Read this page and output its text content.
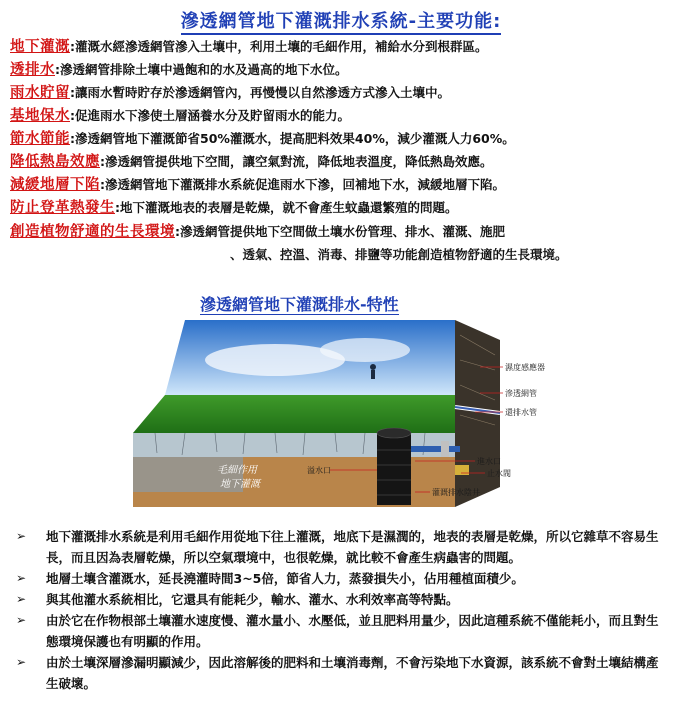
滲透網管地下灌溉排水系統-主要功能:
地下灌溉:灌溉水經滲透網管滲入土壤中，利用土壤的毛細作用，補給水分到根群區。
透排水:滲透網管排除土壤中過飽和的水及過高的地下水位。
雨水貯留:讓雨水暫時貯存於滲透網管內，再慢慢以自然滲透方式滲入土壤中。
基地保水:促進雨水下滲使土層涵養水分及貯留雨水的能力。
節水節能:滲透網管地下灌溉節省50%灌溉水，提高肥料效果40%，減少灌溉人力60%。
降低熱島效應:滲透網管提供地下空間，讓空氣對流，降低地表溫度，降低熱島效應。
減緩地層下陷:滲透網管地下灌溉排水系統促進雨水下滲，回補地下水，減緩地層下陷。
防止登革熱發生:地下灌溉地表的表層是乾燥，就不會產生蚊蟲還繁殖的問題。
創造植物舒適的生長環境:滲透網管提供地下空間做土壤水份管理、排水、灌溉、施肥
、透氣、控溫、消毒、排鹽等功能創造植物舒適的生長環境。
滲透網管地下灌溉排水-特性
濕度感應器
滲透網管
還排水管
進水口
止水閥
灌溉排水陰井
溢水口
毛細作用
地下灌溉
➢	地下灌溉排水系統是利用毛細作用從地下往上灌溉，地底下是濕潤的，地表的表層是乾燥，所以它雜草不容易生長，而且因為表層乾燥，所以空氣環境中，也很乾燥，就比較不會產生病蟲害的問題。
➢	地層土壤含灌溉水，延長澆灌時間3~5倍，節省人力，蒸發損失小，佔用種植面積少。
➢	與其他灌水系統相比，它還具有能耗少，輸水、灌水、水利效率高等特點。
➢	由於它在作物根部土壤灌水速度慢、灌水量小、水壓低，並且肥料用量少，因此這種系統不僅能耗小，而且對生態環境保護也有明顯的作用。
➢	由於土壤深層滲漏明顯減少，因此溶解後的肥料和土壤消毒劑，不會污染地下水資源，該系統不會對土壤結構產生破壞。
